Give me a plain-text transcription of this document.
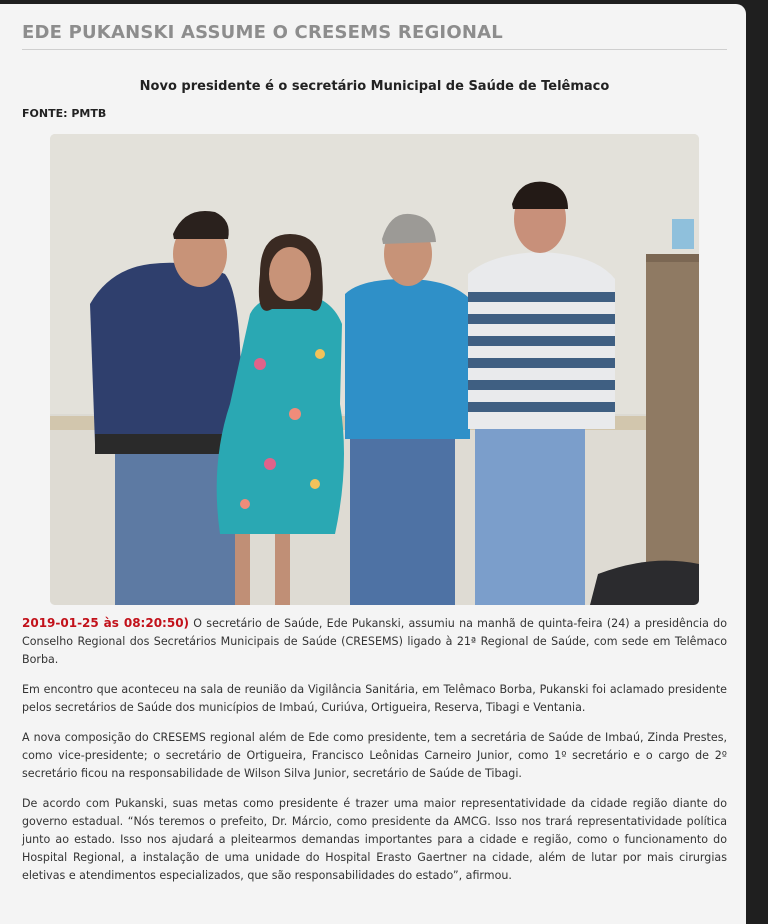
EDE PUKANSKI ASSUME O CRESEMS REGIONAL
Novo presidente é o secretário Municipal de Saúde de Telêmaco

FONTE: PMTB

2019-01-25 às 08:20:50) O secretário de Saúde, Ede Pukanski, assumiu na manhã de quinta-feira (24) a presidência do Conselho Regional dos Secretários Municipais de Saúde (CRESEMS) ligado à 21ª Regional de Saúde, com sede em Telêmaco Borba.

Em encontro que aconteceu na sala de reunião da Vigilância Sanitária, em Telêmaco Borba, Pukanski foi aclamado presidente pelos secretários de Saúde dos municípios de Imbaú, Curiúva, Ortigueira, Reserva, Tibagi e Ventania.

A nova composição do CRESEMS regional além de Ede como presidente, tem a secretária de Saúde de Imbaú, Zinda Prestes, como vice-presidente; o secretário de Ortigueira, Francisco Leônidas Carneiro Junior, como 1º secretário e o cargo de 2º secretário ficou na responsabilidade de Wilson Silva Junior, secretário de Saúde de Tibagi.

De acordo com Pukanski, suas metas como presidente é trazer uma maior representatividade da cidade região diante do governo estadual. “Nós teremos o prefeito, Dr. Márcio, como presidente da AMCG. Isso nos trará representatividade política junto ao estado. Isso nos ajudará a pleitearmos demandas importantes para a cidade e região, como o funcionamento do Hospital Regional, a instalação de uma unidade do Hospital Erasto Gaertner na cidade, além de lutar por mais cirurgias eletivas e atendimentos especializados, que são responsabilidades do estado”, afirmou.
